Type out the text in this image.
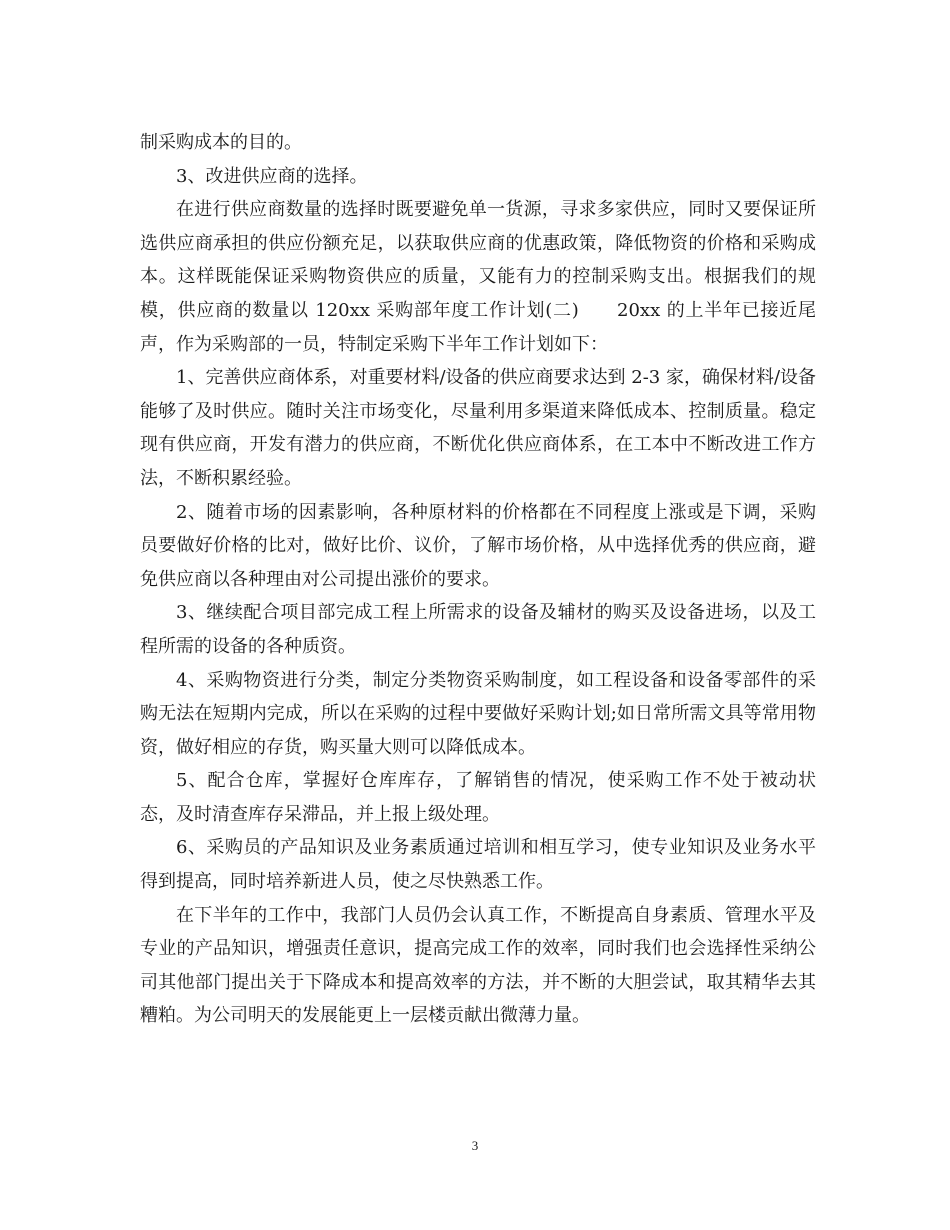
制采购成本的目的。

3、改进供应商的选择。

在进行供应商数量的选择时既要避免单一货源，寻求多家供应，同时又要保证所选供应商承担的供应份额充足，以获取供应商的优惠政策，降低物资的价格和采购成本。这样既能保证采购物资供应的质量，又能有力的控制采购支出。根据我们的规模，供应商的数量以 120xx 采购部年度工作计划(二)　　20xx 的上半年已接近尾声，作为采购部的一员，特制定采购下半年工作计划如下：

1、完善供应商体系，对重要材料/设备的供应商要求达到 2-3 家，确保材料/设备能够了及时供应。随时关注市场变化，尽量利用多渠道来降低成本、控制质量。稳定现有供应商，开发有潜力的供应商，不断优化供应商体系，在工本中不断改进工作方法，不断积累经验。

2、随着市场的因素影响，各种原材料的价格都在不同程度上涨或是下调，采购员要做好价格的比对，做好比价、议价，了解市场价格，从中选择优秀的供应商，避免供应商以各种理由对公司提出涨价的要求。

3、继续配合项目部完成工程上所需求的设备及辅材的购买及设备进场，以及工程所需的设备的各种质资。

4、采购物资进行分类，制定分类物资采购制度，如工程设备和设备零部件的采购无法在短期内完成，所以在采购的过程中要做好采购计划;如日常所需文具等常用物资，做好相应的存货，购买量大则可以降低成本。

5、配合仓库，掌握好仓库库存，了解销售的情况，使采购工作不处于被动状态，及时清查库存呆滞品，并上报上级处理。

6、采购员的产品知识及业务素质通过培训和相互学习，使专业知识及业务水平得到提高，同时培养新进人员，使之尽快熟悉工作。

在下半年的工作中，我部门人员仍会认真工作，不断提高自身素质、管理水平及专业的产品知识，增强责任意识，提高完成工作的效率，同时我们也会选择性采纳公司其他部门提出关于下降成本和提高效率的方法，并不断的大胆尝试，取其精华去其糟粕。为公司明天的发展能更上一层楼贡献出微薄力量。

3
